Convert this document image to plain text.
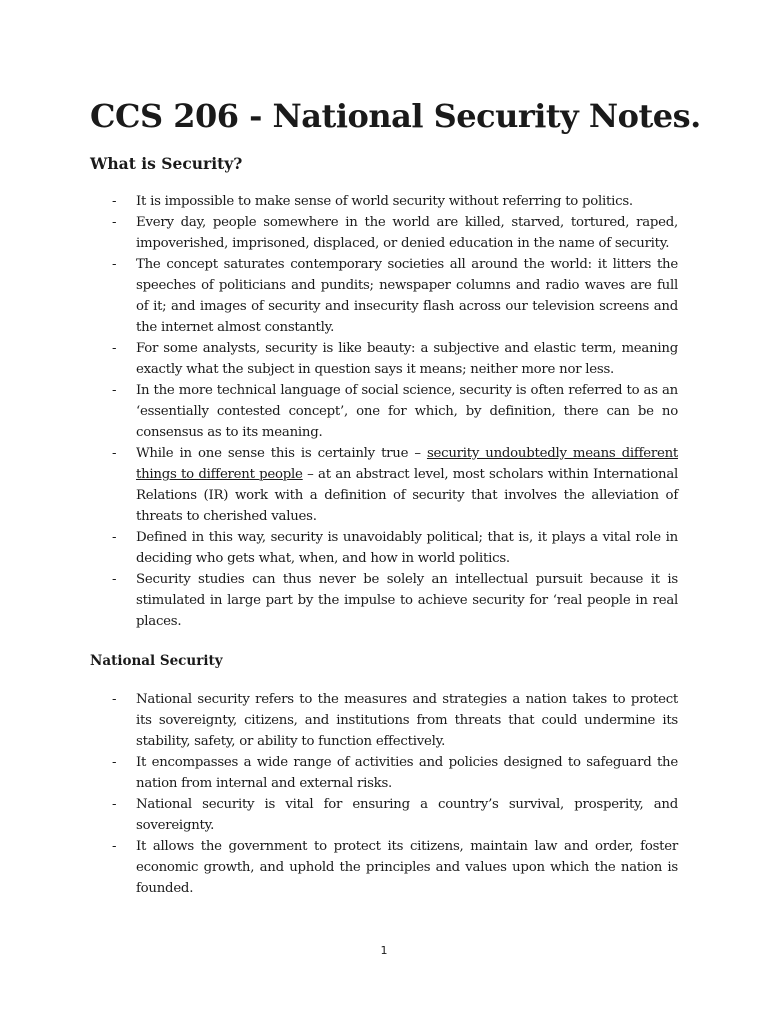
CCS 206 - National Security Notes.
What is Security?
- It is impossible to make sense of world security without referring to politics.
- Every day, people somewhere in the world are killed, starved, tortured, raped, impoverished, imprisoned, displaced, or denied education in the name of security.
- The concept saturates contemporary societies all around the world: it litters the speeches of politicians and pundits; newspaper columns and radio waves are full of it; and images of security and insecurity flash across our television screens and the internet almost constantly.
- For some analysts, security is like beauty: a subjective and elastic term, meaning exactly what the subject in question says it means; neither more nor less.
- In the more technical language of social science, security is often referred to as an ‘essentially contested concept’, one for which, by definition, there can be no consensus as to its meaning.
- While in one sense this is certainly true – security undoubtedly means different things to different people – at an abstract level, most scholars within International Relations (IR) work with a definition of security that involves the alleviation of threats to cherished values.
- Defined in this way, security is unavoidably political; that is, it plays a vital role in deciding who gets what, when, and how in world politics.
- Security studies can thus never be solely an intellectual pursuit because it is stimulated in large part by the impulse to achieve security for ‘real people in real places.
National Security
- National security refers to the measures and strategies a nation takes to protect its sovereignty, citizens, and institutions from threats that could undermine its stability, safety, or ability to function effectively.
- It encompasses a wide range of activities and policies designed to safeguard the nation from internal and external risks.
- National security is vital for ensuring a country’s survival, prosperity, and sovereignty.
- It allows the government to protect its citizens, maintain law and order, foster economic growth, and uphold the principles and values upon which the nation is founded.
1
